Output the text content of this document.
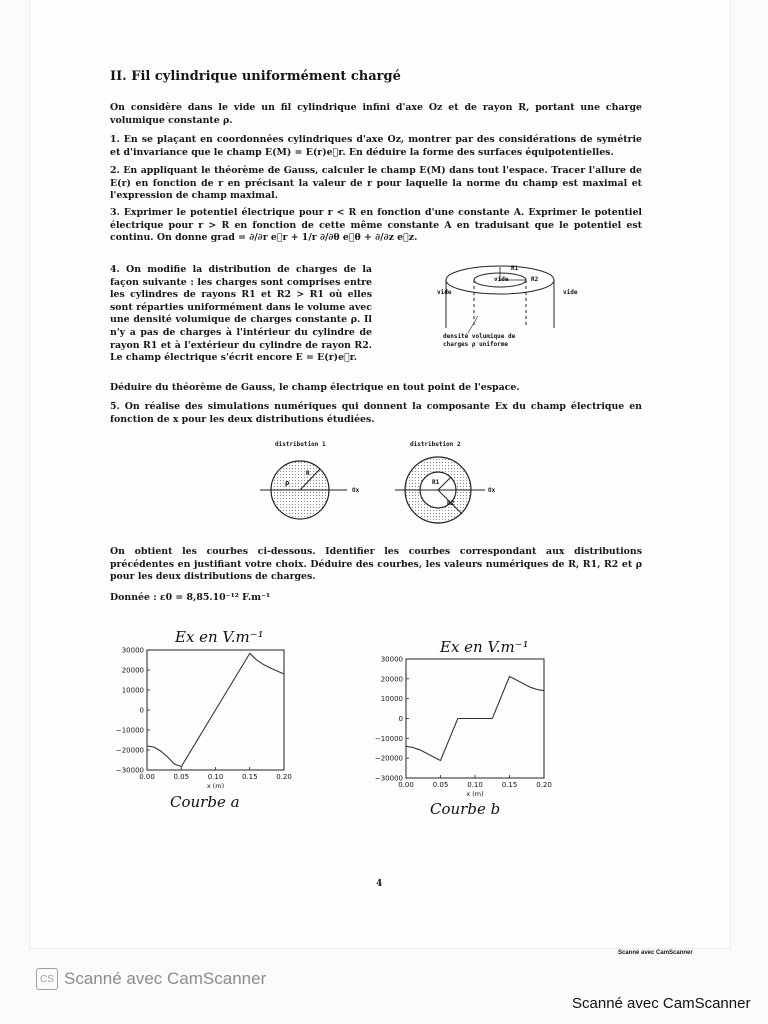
II. Fil cylindrique uniformément chargé
On considère dans le vide un fil cylindrique infini d'axe Oz et de rayon R, portant une charge volumique constante ρ.
1. En se plaçant en coordonnées cylindriques d'axe Oz, montrer par des considérations de symétrie et d'invariance que le champ E(M) = E(r)e⃗r. En déduire la forme des surfaces équipotentielles.
2. En appliquant le théorème de Gauss, calculer le champ E(M) dans tout l'espace. Tracer l'allure de E(r) en fonction de r en précisant la valeur de r pour laquelle la norme du champ est maximal et l'expression de champ maximal.
3. Exprimer le potentiel électrique pour r < R en fonction d'une constante A. Exprimer le potentiel électrique pour r > R en fonction de cette même constante A en traduisant que le potentiel est continu. On donne grad = ∂/∂r e⃗r + 1/r ∂/∂θ e⃗θ + ∂/∂z e⃗z.
4. On modifie la distribution de charges de la façon suivante : les charges sont comprises entre les cylindres de rayons R1 et R2 > R1 où elles sont réparties uniformément dans le volume avec une densité volumique de charges constante ρ. Il n'y a pas de charges à l'intérieur du cylindre de rayon R1 et à l'extérieur du cylindre de rayon R2. Le champ électrique s'écrit encore E = E(r)e⃗r.
vide	vide
vide
R1
R2
densité volumique de
charges ρ uniforme
Déduire du théorème de Gauss, le champ électrique en tout point de l'espace.
5. On réalise des simulations numériques qui donnent la composante Ex du champ électrique en fonction de x pour les deux distributions étudiées.
distribution 1	distribution 2
ρ
R
Ox
R1
R2
Ox
On obtient les courbes ci-dessous. Identifier les courbes correspondant aux distributions précédentes en justifiant votre choix. Déduire des courbes, les valeurs numériques de R, R1, R2 et ρ pour les deux distributions de charges.
Donnée : ε0 = 8,85.10⁻¹² F.m⁻¹
Ex en V.m⁻¹
Ex en V.m⁻¹
30000
20000
10000
0
−10000
−20000
−30000
0.00	0.05	0.10	0.15	0.20
x (m)
30000
20000
10000
0
−10000
−20000
−30000
0.00	0.05	0.10	0.15	0.20
x (m)
Courbe a	Courbe b
4
Scanné avec CamScanner
CS Scanné avec CamScanner
Scanné avec CamScanner
